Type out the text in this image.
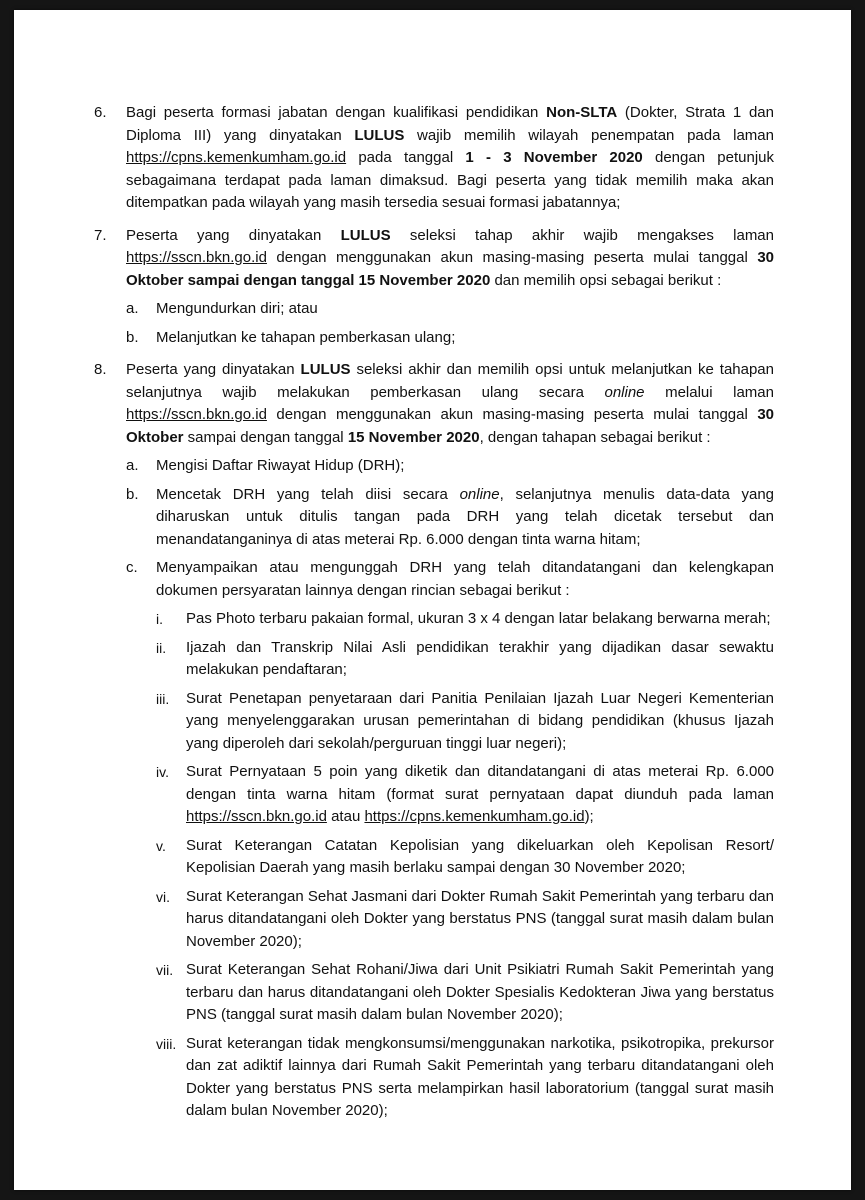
6. Bagi peserta formasi jabatan dengan kualifikasi pendidikan Non-SLTA (Dokter, Strata 1 dan Diploma III) yang dinyatakan LULUS wajib memilih wilayah penempatan pada laman https://cpns.kemenkumham.go.id pada tanggal 1 - 3 November 2020 dengan petunjuk sebagaimana terdapat pada laman dimaksud. Bagi peserta yang tidak memilih maka akan ditempatkan pada wilayah yang masih tersedia sesuai formasi jabatannya;
7. Peserta yang dinyatakan LULUS seleksi tahap akhir wajib mengakses laman https://sscn.bkn.go.id dengan menggunakan akun masing-masing peserta mulai tanggal 30 Oktober sampai dengan tanggal 15 November 2020 dan memilih opsi sebagai berikut :
a. Mengundurkan diri; atau
b. Melanjutkan ke tahapan pemberkasan ulang;
8. Peserta yang dinyatakan LULUS seleksi akhir dan memilih opsi untuk melanjutkan ke tahapan selanjutnya wajib melakukan pemberkasan ulang secara online melalui laman https://sscn.bkn.go.id dengan menggunakan akun masing-masing peserta mulai tanggal 30 Oktober sampai dengan tanggal 15 November 2020, dengan tahapan sebagai berikut :
a. Mengisi Daftar Riwayat Hidup (DRH);
b. Mencetak DRH yang telah diisi secara online, selanjutnya menulis data-data yang diharuskan untuk ditulis tangan pada DRH yang telah dicetak tersebut dan menandatanganinya di atas meterai Rp. 6.000 dengan tinta warna hitam;
c. Menyampaikan atau mengunggah DRH yang telah ditandatangani dan kelengkapan dokumen persyaratan lainnya dengan rincian sebagai berikut :
i. Pas Photo terbaru pakaian formal, ukuran 3 x 4 dengan latar belakang berwarna merah;
ii. Ijazah dan Transkrip Nilai Asli pendidikan terakhir yang dijadikan dasar sewaktu melakukan pendaftaran;
iii. Surat Penetapan penyetaraan dari Panitia Penilaian Ijazah Luar Negeri Kementerian yang menyelenggarakan urusan pemerintahan di bidang pendidikan (khusus Ijazah yang diperoleh dari sekolah/perguruan tinggi luar negeri);
iv. Surat Pernyataan 5 poin yang diketik dan ditandatangani di atas meterai Rp. 6.000 dengan tinta warna hitam (format surat pernyataan dapat diunduh pada laman https://sscn.bkn.go.id atau https://cpns.kemenkumham.go.id);
v. Surat Keterangan Catatan Kepolisian yang dikeluarkan oleh Kepolisan Resort/ Kepolisian Daerah yang masih berlaku sampai dengan 30 November 2020;
vi. Surat Keterangan Sehat Jasmani dari Dokter Rumah Sakit Pemerintah yang terbaru dan harus ditandatangani oleh Dokter yang berstatus PNS (tanggal surat masih dalam bulan November 2020);
vii. Surat Keterangan Sehat Rohani/Jiwa dari Unit Psikiatri Rumah Sakit Pemerintah yang terbaru dan harus ditandatangani oleh Dokter Spesialis Kedokteran Jiwa yang berstatus PNS (tanggal surat masih dalam bulan November 2020);
viii. Surat keterangan tidak mengkonsumsi/menggunakan narkotika, psikotropika, prekursor dan zat adiktif lainnya dari Rumah Sakit Pemerintah yang terbaru ditandatangani oleh Dokter yang berstatus PNS serta melampirkan hasil laboratorium (tanggal surat masih dalam bulan November 2020);
